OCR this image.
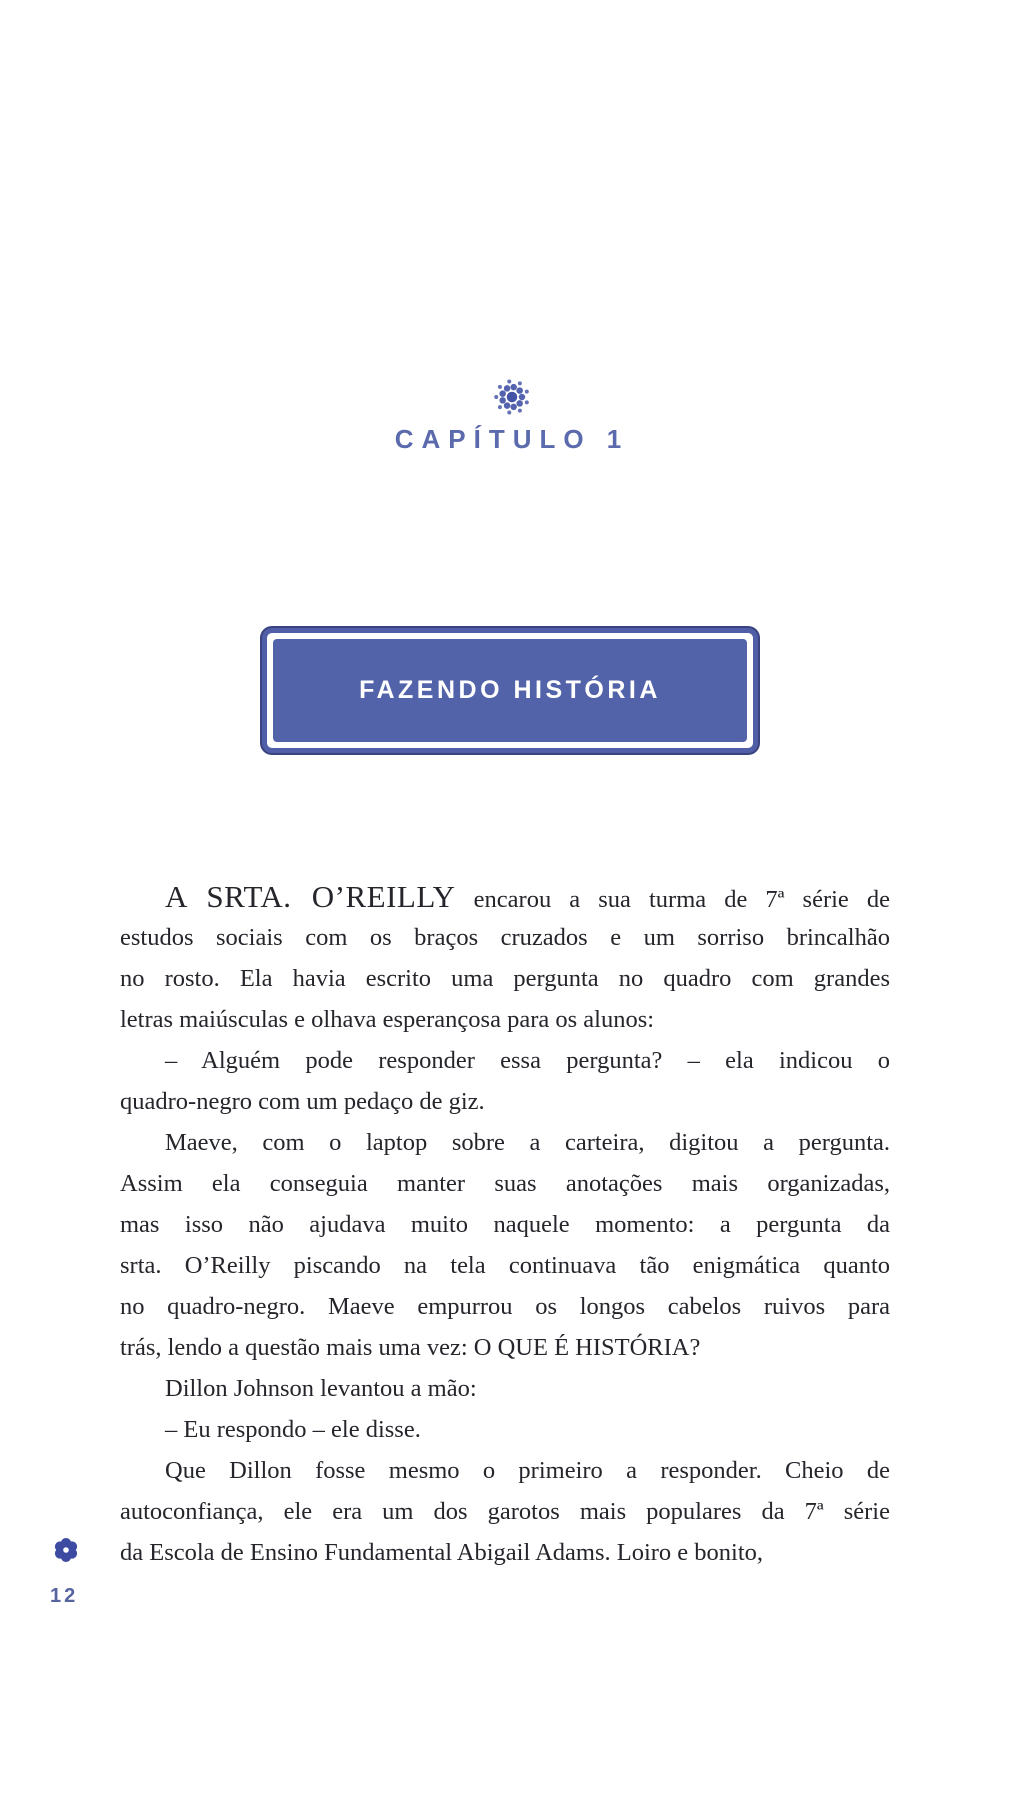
CAPÍTULO 1
FAZENDO HISTÓRIA
A SRTA. O’REILLY encarou a sua turma de 7ª série de
estudos sociais com os braços cruzados e um sorriso brincalhão
no rosto. Ela havia escrito uma pergunta no quadro com grandes
letras maiúsculas e olhava esperançosa para os alunos:
– Alguém pode responder essa pergunta? – ela indicou o
quadro-negro com um pedaço de giz.
Maeve, com o laptop sobre a carteira, digitou a pergunta.
Assim ela conseguia manter suas anotações mais organizadas,
mas isso não ajudava muito naquele momento: a pergunta da
srta. O’Reilly piscando na tela continuava tão enigmática quanto
no quadro-negro. Maeve empurrou os longos cabelos ruivos para
trás, lendo a questão mais uma vez: O QUE É HISTÓRIA?
Dillon Johnson levantou a mão:
– Eu respondo – ele disse.
Que Dillon fosse mesmo o primeiro a responder. Cheio de
autoconfiança, ele era um dos garotos mais populares da 7ª série
da Escola de Ensino Fundamental Abigail Adams. Loiro e bonito,
12
